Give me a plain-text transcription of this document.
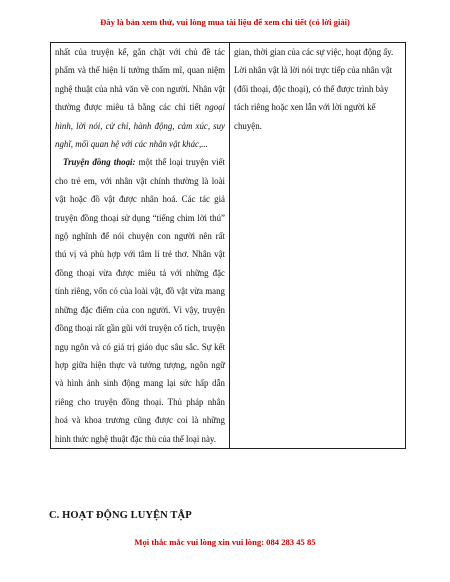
Đây là bản xem thử, vui lòng mua tài liệu để xem chi tiết (có lời giải)

nhất của truyện kể, gắn chặt với chủ đề tác phẩm và thể hiện lí tưởng thẩm mĩ, quan niệm nghệ thuật của nhà văn về con người. Nhân vật thường được miêu tả bằng các chi tiết ngoại hình, lời nói, cử chỉ, hành động, cảm xúc, suy nghĩ, mối quan hệ với các nhân vật khác,...

Truyện đồng thoại: một thể loại truyện viết cho trẻ em, với nhân vật chính thường là loài vật hoặc đồ vật được nhân hoá. Các tác giả truyện đồng thoại sử dụng “tiếng chim lời thú” ngộ nghĩnh để nói chuyện con người nên rất thú vị và phù hợp với tâm lí trẻ thơ. Nhân vật đồng thoại vừa được miêu tả với những đặc tính riêng, vốn có của loài vật, đồ vật vừa mang những đặc điểm của con người. Vì vậy, truyện đồng thoại rất gần gũi với truyện cổ tích, truyện ngụ ngôn và có giá trị giáo dục sâu sắc. Sự kết hợp giữa hiện thực và tưởng tượng, ngôn ngữ và hình ảnh sinh động mang lại sức hấp dẫn riêng cho truyện đồng thoại. Thủ pháp nhân hoá và khoa trương cũng được coi là những hình thức nghệ thuật đặc thù của thể loại này.

gian, thời gian của các sự việc, hoạt động ấy.

Lời nhân vật là lời nói trực tiếp của nhân vật (đối thoại, độc thoại), có thể được trình bày tách riêng hoặc xen lẫn với lời người kể chuyện.

C. HOẠT ĐỘNG LUYỆN TẬP
Mọi thắc mắc vui lòng xin vui lòng: 084 283 45 85
